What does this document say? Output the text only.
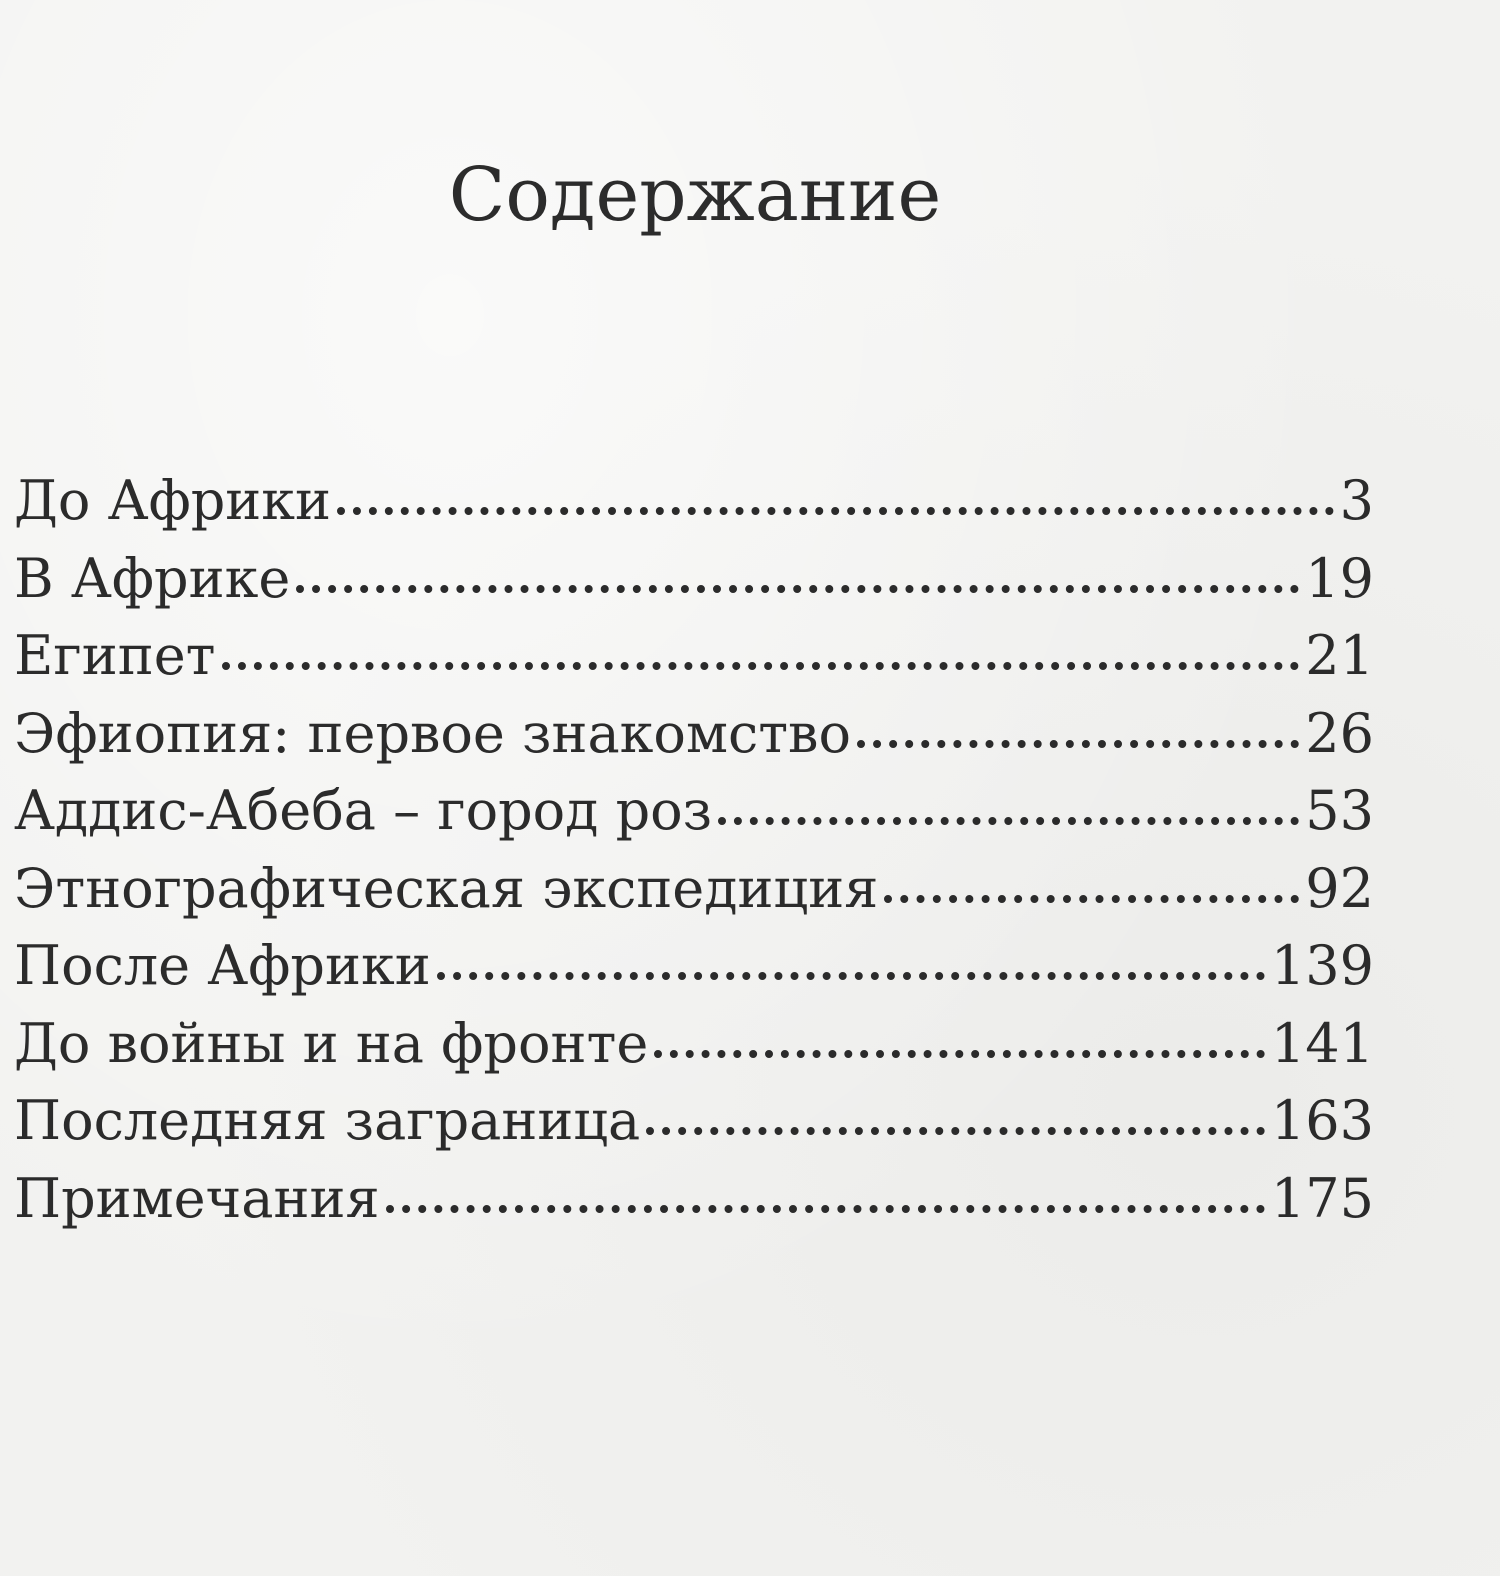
Содержание
До Африки	3
В Африке	19
Египет	21
Эфиопия: первое знакомство	26
Аддис-Абеба – город роз	53
Этнографическая экспедиция	92
После Африки	139
До войны и на фронте	141
Последняя заграница	163
Примечания	175
